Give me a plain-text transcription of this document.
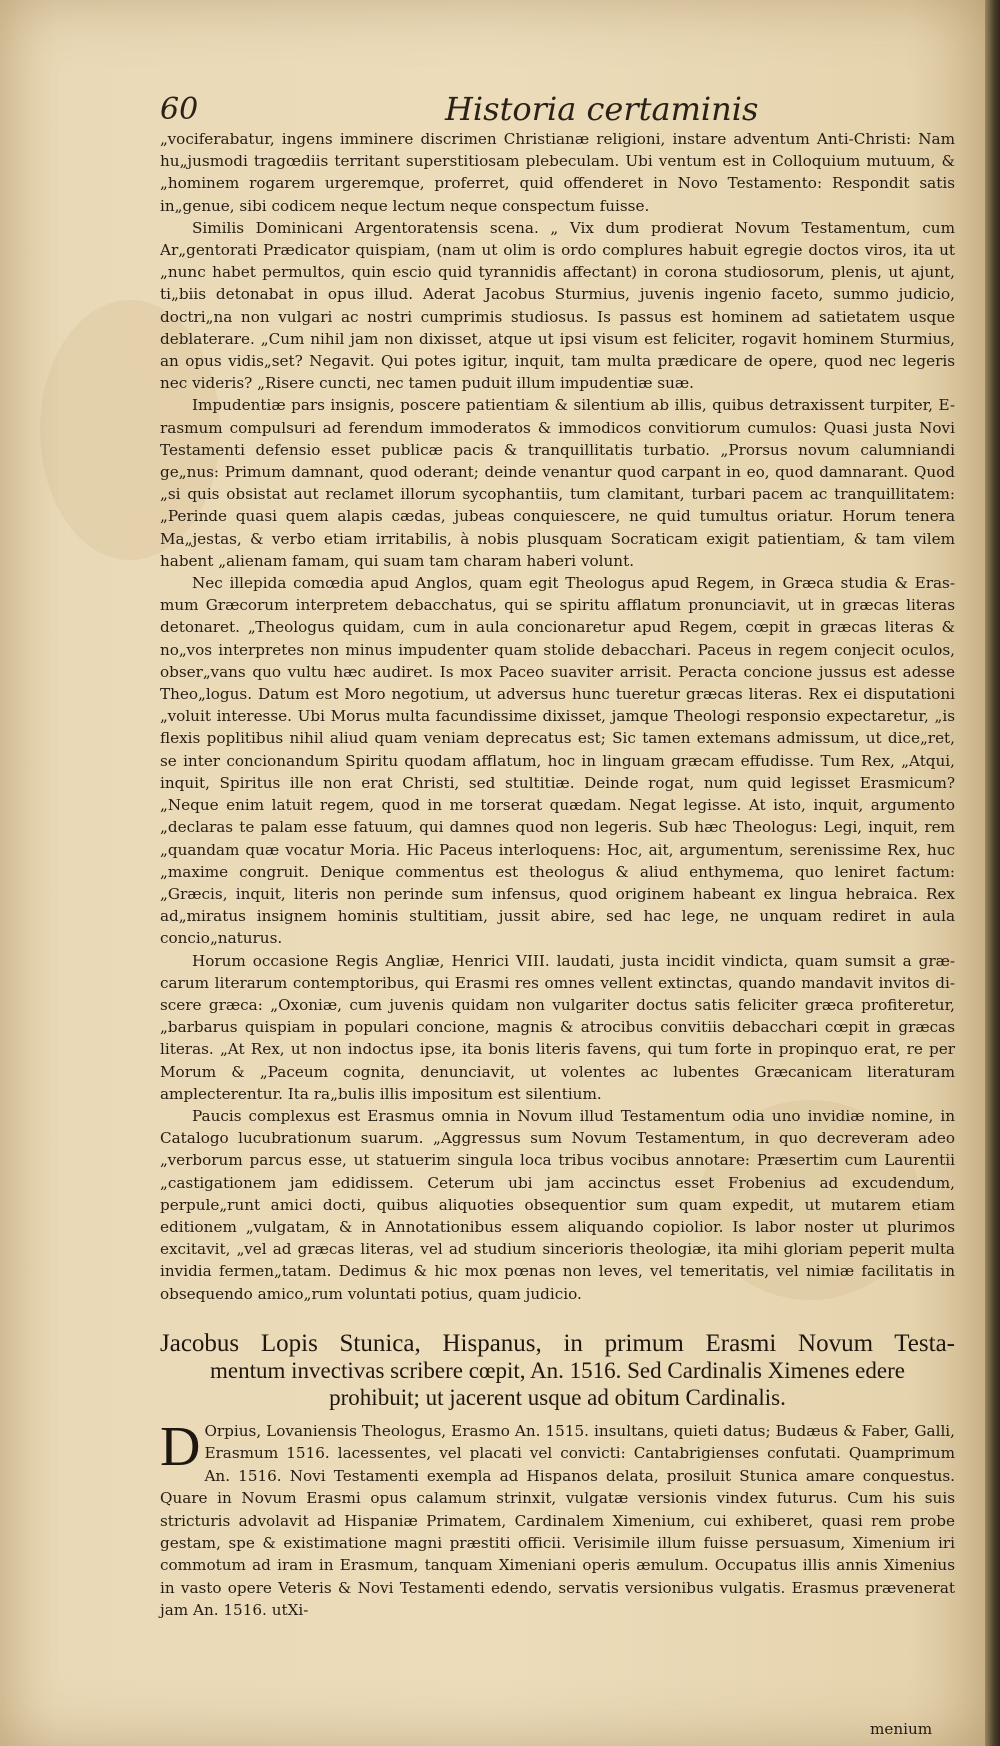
60	Historia certaminis

„vociferabatur, ingens imminere discrimen Christianæ religioni, instare adventum Anti-Christi: Nam hu„jusmodi tragœdiis territant superstitiosam plebeculam. Ubi ventum est in Colloquium mutuum, & „hominem rogarem urgeremque, proferret, quid offenderet in Novo Testamento: Respondit satis in„genue, sibi codicem neque lectum neque conspectum fuisse.

Similis Dominicani Argentoratensis scena. „ Vix dum prodierat Novum Testamentum, cum Ar„gentorati Prædicator quispiam, (nam ut olim is ordo complures habuit egregie doctos viros, ita ut „nunc habet permultos, quin escio quid tyrannidis affectant) in corona studiosorum, plenis, ut ajunt, ti„biis detonabat in opus illud. Aderat Jacobus Sturmius, juvenis ingenio faceto, summo judicio, doctri„na non vulgari ac nostri cumprimis studiosus. Is passus est hominem ad satietatem usque deblaterare. „Cum nihil jam non dixisset, atque ut ipsi visum est feliciter, rogavit hominem Sturmius, an opus vidis„set? Negavit. Qui potes igitur, inquit, tam multa prædicare de opere, quod nec legeris nec videris? „Risere cuncti, nec tamen puduit illum impudentiæ suæ.

Impudentiæ pars insignis, poscere patientiam & silentium ab illis, quibus detraxissent turpiter, E-rasmum compulsuri ad ferendum immoderatos & immodicos convitiorum cumulos: Quasi justa Novi Testamenti defensio esset publicæ pacis & tranquillitatis turbatio. „Prorsus novum calumniandi ge„nus: Primum damnant, quod oderant; deinde venantur quod carpant in eo, quod damnarant. Quod „si quis obsistat aut reclamet illorum sycophantiis, tum clamitant, turbari pacem ac tranquillitatem: „Perinde quasi quem alapis cædas, jubeas conquiescere, ne quid tumultus oriatur. Horum tenera Ma„jestas, & verbo etiam irritabilis, à nobis plusquam Socraticam exigit patientiam, & tam vilem habent „alienam famam, qui suam tam charam haberi volunt.

Nec illepida comœdia apud Anglos, quam egit Theologus apud Regem, in Græca studia & Eras-mum Græcorum interpretem debacchatus, qui se spiritu afflatum pronunciavit, ut in græcas literas detonaret. „Theologus quidam, cum in aula concionaretur apud Regem, cœpit in græcas literas & no„vos interpretes non minus impudenter quam stolide debacchari. Paceus in regem conjecit oculos, obser„vans quo vultu hæc audiret. Is mox Paceo suaviter arrisit. Peracta concione jussus est adesse Theo„logus. Datum est Moro negotium, ut adversus hunc tueretur græcas literas. Rex ei disputationi „voluit interesse. Ubi Morus multa facundissime dixisset, jamque Theologi responsio expectaretur, „is flexis poplitibus nihil aliud quam veniam deprecatus est; Sic tamen extemans admissum, ut dice„ret, se inter concionandum Spiritu quodam afflatum, hoc in linguam græcam effudisse. Tum Rex, „Atqui, inquit, Spiritus ille non erat Christi, sed stultitiæ. Deinde rogat, num quid legisset Erasmicum? „Neque enim latuit regem, quod in me torserat quædam. Negat legisse. At isto, inquit, argumento „declaras te palam esse fatuum, qui damnes quod non legeris. Sub hæc Theologus: Legi, inquit, rem „quandam quæ vocatur Moria. Hic Paceus interloquens: Hoc, ait, argumentum, serenissime Rex, huc „maxime congruit. Denique commentus est theologus & aliud enthymema, quo leniret factum: „Græcis, inquit, literis non perinde sum infensus, quod originem habeant ex lingua hebraica. Rex ad„miratus insignem hominis stultitiam, jussit abire, sed hac lege, ne unquam rediret in aula concio„naturus.

Horum occasione Regis Angliæ, Henrici VIII. laudati, justa incidit vindicta, quam sumsit a græ-carum literarum contemptoribus, qui Erasmi res omnes vellent extinctas, quando mandavit invitos di-scere græca: „Oxoniæ, cum juvenis quidam non vulgariter doctus satis feliciter græca profiteretur, „barbarus quispiam in populari concione, magnis & atrocibus convitiis debacchari cœpit in græcas literas. „At Rex, ut non indoctus ipse, ita bonis literis favens, qui tum forte in propinquo erat, re per Morum & „Paceum cognita, denunciavit, ut volentes ac lubentes Græcanicam literaturam amplecterentur. Ita ra„bulis illis impositum est silentium.

Paucis complexus est Erasmus omnia in Novum illud Testamentum odia uno invidiæ nomine, in Catalogo lucubrationum suarum. „Aggressus sum Novum Testamentum, in quo decreveram adeo „verborum parcus esse, ut statuerim singula loca tribus vocibus annotare: Præsertim cum Laurentii „castigationem jam edidissem. Ceterum ubi jam accinctus esset Frobenius ad excudendum, perpule„runt amici docti, quibus aliquoties obsequentior sum quam expedit, ut mutarem etiam editionem „vulgatam, & in Annotationibus essem aliquando copiolior. Is labor noster ut plurimos excitavit, „vel ad græcas literas, vel ad studium sincerioris theologiæ, ita mihi gloriam peperit multa invidia fermen„tatam. Dedimus & hic mox pœnas non leves, vel temeritatis, vel nimiæ facilitatis in obsequendo amico„rum voluntati potius, quam judicio.

Jacobus Lopis Stunica, Hispanus, in primum Erasmi Novum Testa-
mentum invectivas scribere cœpit, An. 1516. Sed Cardinalis Ximenes edere
prohibuit; ut jacerent usque ad obitum Cardinalis.
D Orpius, Lovaniensis Theologus, Erasmo An. 1515. insultans, quieti datus; Budæus & Faber, Galli, Erasmum 1516. lacessentes, vel placati vel convicti: Cantabrigienses confutati. Quamprimum An. 1516. Novi Testamenti exempla ad Hispanos delata, prosiluit Stunica amare conquestus. Quare in Novum Erasmi opus calamum strinxit, vulgatæ versionis vindex futurus. Cum his suis stricturis advolavit ad Hispaniæ Primatem, Cardinalem Ximenium, cui exhiberet, quasi rem probe gestam, spe & existimatione magni præstiti officii. Verisimile illum fuisse persuasum, Ximenium iri commotum ad iram in Erasmum, tanquam Ximeniani operis æmulum. Occupatus illis annis Ximenius in vasto opere Veteris & Novi Testamenti edendo, servatis versionibus vulgatis. Erasmus prævenerat jam An. 1516. utXi-
menium
